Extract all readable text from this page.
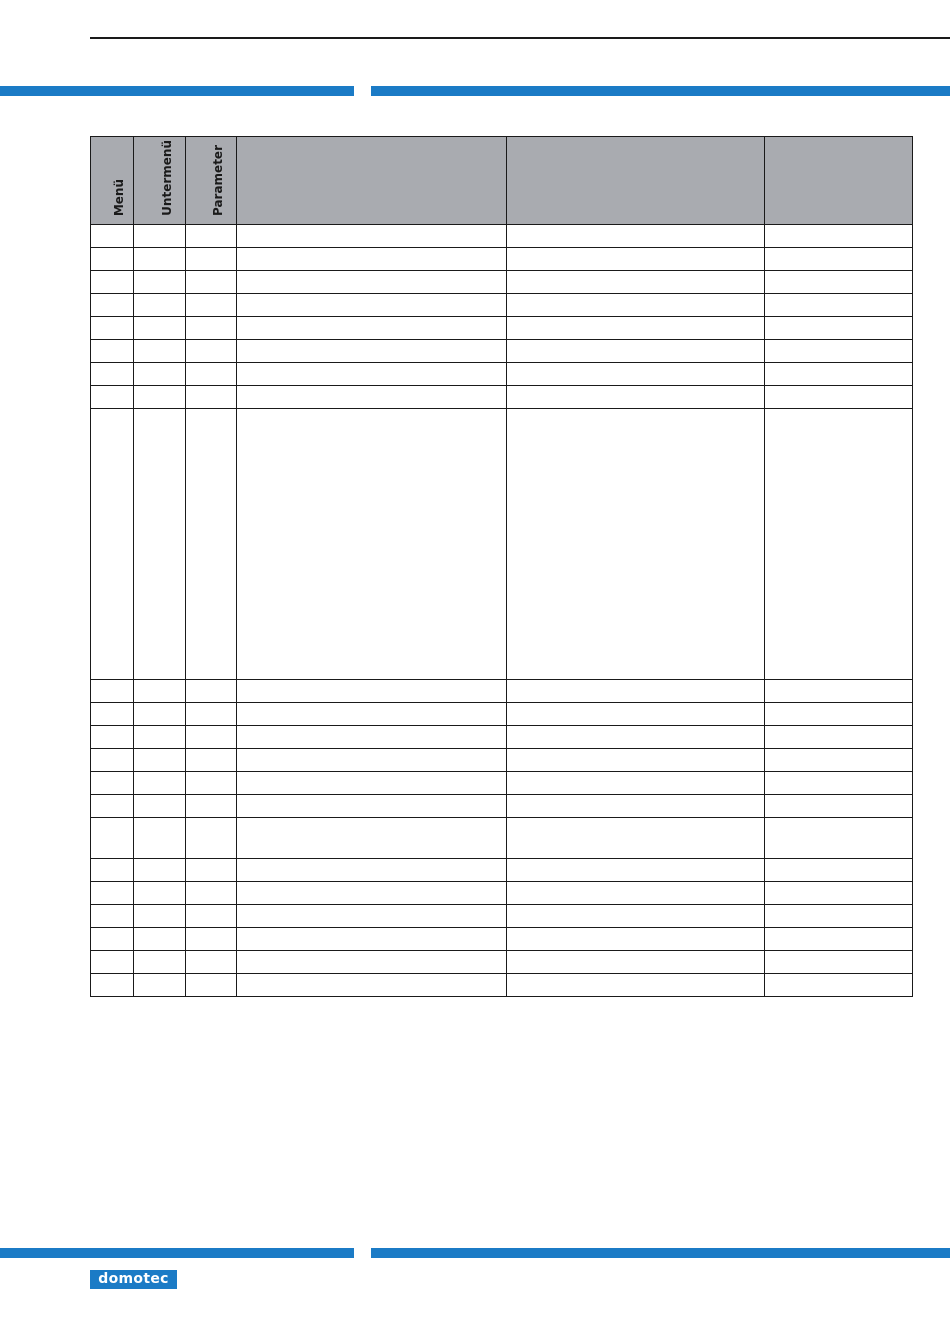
Menü	Untermenü	Parameter			

domotec
